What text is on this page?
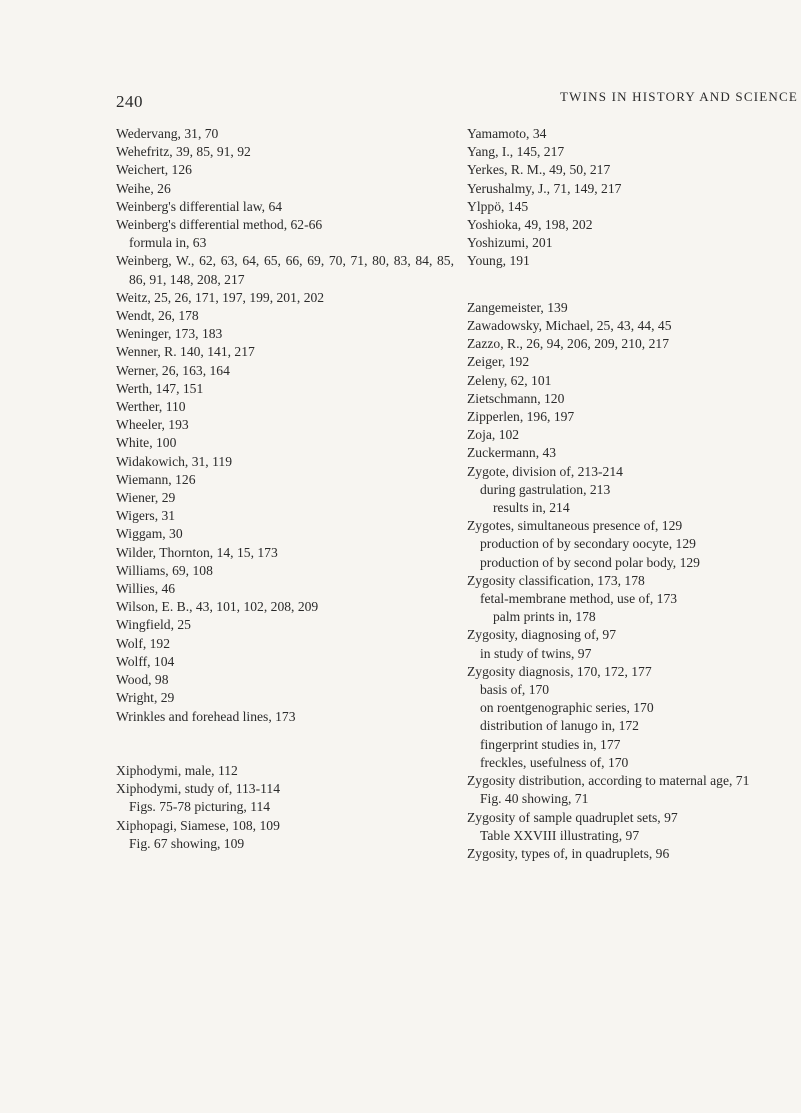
240	TWINS IN HISTORY AND SCIENCE
Wedervang, 31, 70
Wehefritz, 39, 85, 91, 92
Weichert, 126
Weihe, 26
Weinberg's differential law, 64
Weinberg's differential method, 62-66
formula in, 63
Weinberg, W., 62, 63, 64, 65, 66, 69, 70, 71, 80, 83, 84, 85, 86, 91, 148, 208, 217
Weitz, 25, 26, 171, 197, 199, 201, 202
Wendt, 26, 178
Weninger, 173, 183
Wenner, R. 140, 141, 217
Werner, 26, 163, 164
Werth, 147, 151
Werther, 110
Wheeler, 193
White, 100
Widakowich, 31, 119
Wiemann, 126
Wiener, 29
Wigers, 31
Wiggam, 30
Wilder, Thornton, 14, 15, 173
Williams, 69, 108
Willies, 46
Wilson, E. B., 43, 101, 102, 208, 209
Wingfield, 25
Wolf, 192
Wolff, 104
Wood, 98
Wright, 29
Wrinkles and forehead lines, 173
Xiphodymi, male, 112
Xiphodymi, study of, 113-114
Figs. 75-78 picturing, 114
Xiphopagi, Siamese, 108, 109
Fig. 67 showing, 109
Yamamoto, 34
Yang, I., 145, 217
Yerkes, R. M., 49, 50, 217
Yerushalmy, J., 71, 149, 217
Ylppö, 145
Yoshioka, 49, 198, 202
Yoshizumi, 201
Young, 191
Zangemeister, 139
Zawadowsky, Michael, 25, 43, 44, 45
Zazzo, R., 26, 94, 206, 209, 210, 217
Zeiger, 192
Zeleny, 62, 101
Zietschmann, 120
Zipperlen, 196, 197
Zoja, 102
Zuckermann, 43
Zygote, division of, 213-214
during gastrulation, 213
results in, 214
Zygotes, simultaneous presence of, 129
production of by secondary oocyte, 129
production of by second polar body, 129
Zygosity classification, 173, 178
fetal-membrane method, use of, 173
palm prints in, 178
Zygosity, diagnosing of, 97
in study of twins, 97
Zygosity diagnosis, 170, 172, 177
basis of, 170
on roentgenographic series, 170
distribution of lanugo in, 172
fingerprint studies in, 177
freckles, usefulness of, 170
Zygosity distribution, according to maternal age, 71
Fig. 40 showing, 71
Zygosity of sample quadruplet sets, 97
Table XXVIII illustrating, 97
Zygosity, types of, in quadruplets, 96
